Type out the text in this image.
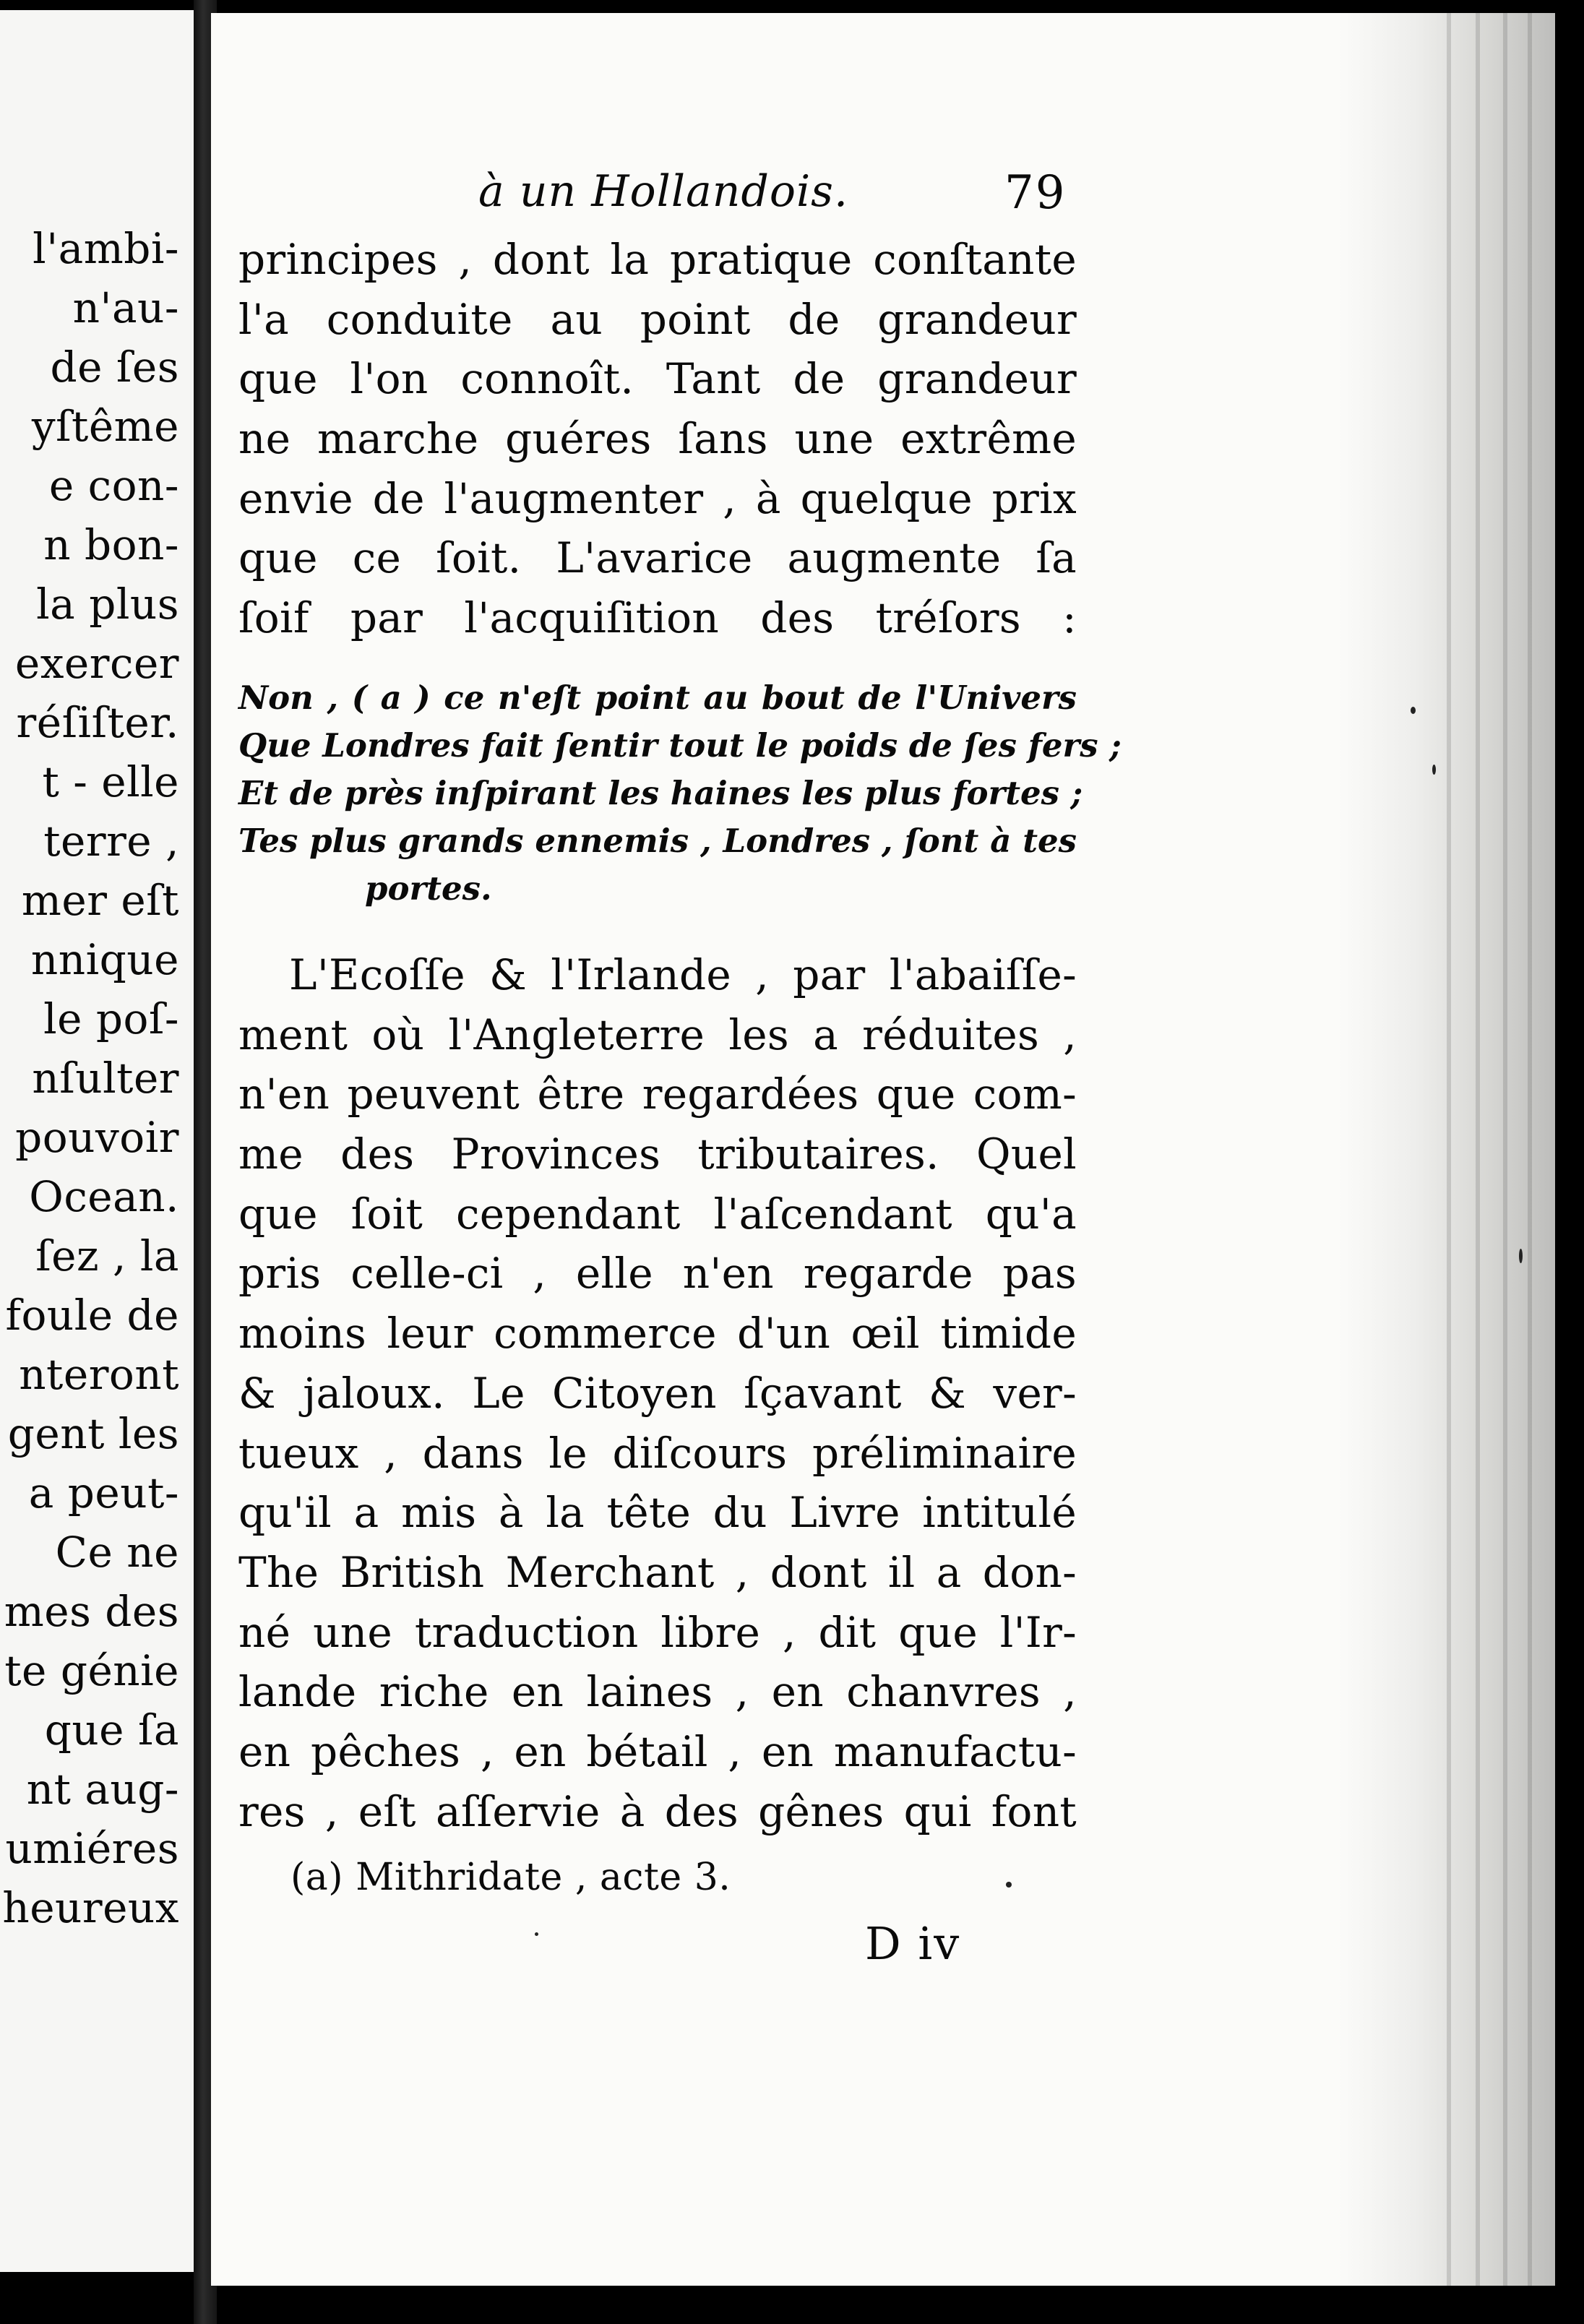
l'ambi-
n'au-
de ſes
yſtême
e con-
n bon-
la plus
exercer
réſiſter.
t - elle
terre ,
mer eſt
nnique
le poſ-
nſulter
pouvoir
Ocean.
ſez , la
foule de
nteront
gent les
a peut-
Ce ne
mes des
te génie
que ſa
nt aug-
umiéres
heureux
à un Hollandois.	79
principes , dont la pratique conſtante
l'a conduite au point de grandeur
que l'on connoît. Tant de grandeur
ne marche guéres ſans une extrême
envie de l'augmenter , à quelque prix
que ce ſoit. L'avarice augmente ſa
ſoif par l'acquiſition des tréſors :
Non , ( a ) ce n'eſt point au bout de l'Univers
Que Londres fait ſentir tout le poids de ſes fers ;
Et de près inſpirant les haines les plus fortes ;
Tes plus grands ennemis , Londres , ſont à tes
portes.
L'Ecoſſe & l'Irlande , par l'abaiſſe-
ment où l'Angleterre les a réduites ,
n'en peuvent être regardées que com-
me des Provinces tributaires. Quel
que ſoit cependant l'aſcendant qu'a
pris celle-ci , elle n'en regarde pas
moins leur commerce d'un œil timide
& jaloux. Le Citoyen ſçavant & ver-
tueux , dans le diſcours préliminaire
qu'il a mis à la tête du Livre intitulé
The British Merchant , dont il a don-
né une traduction libre , dit que l'Ir-
lande riche en laines , en chanvres ,
en pêches , en bétail , en manufactu-
res , eſt aſſervie à des gênes qui font
(a) Mithridate , acte 3.
D iv
